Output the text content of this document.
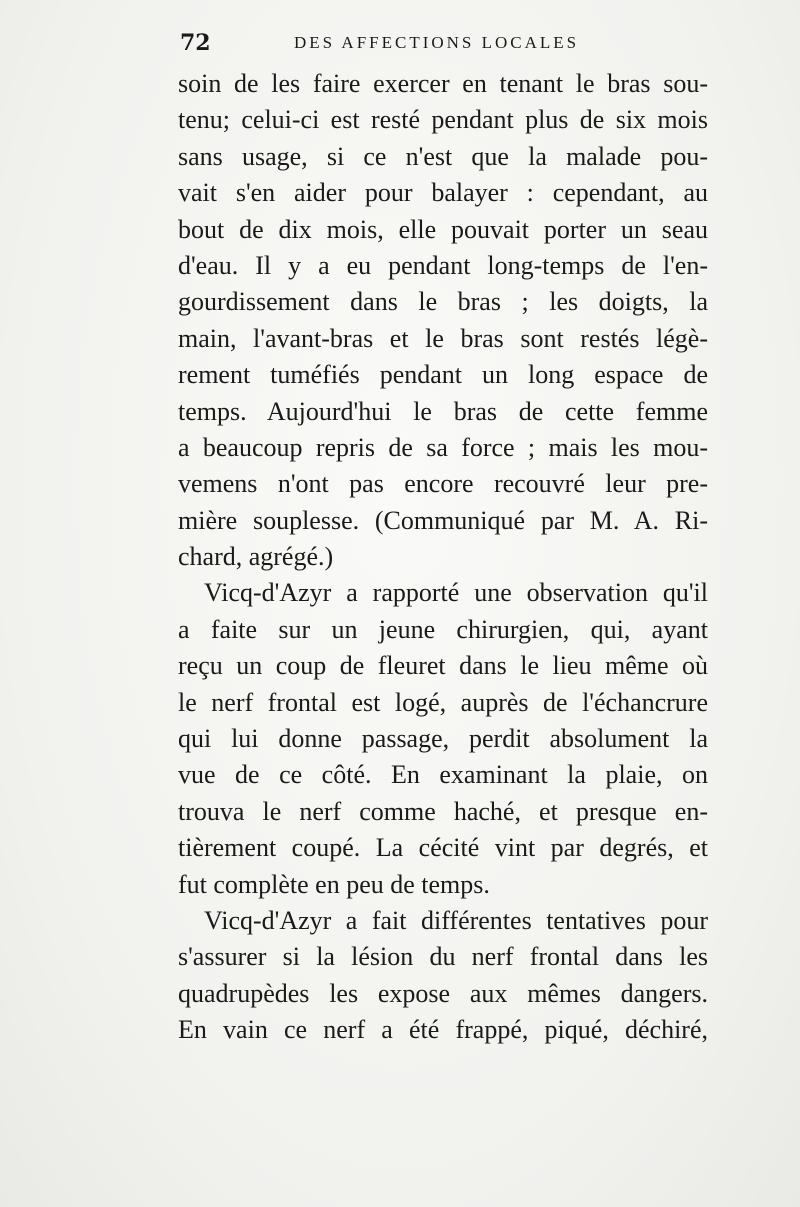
72	DES AFFECTIONS LOCALES
soin de les faire exercer en tenant le bras sou-
tenu; celui-ci est resté pendant plus de six mois
sans usage, si ce n'est que la malade pou-
vait s'en aider pour balayer : cependant, au
bout de dix mois, elle pouvait porter un seau
d'eau. Il y a eu pendant long-temps de l'en-
gourdissement dans le bras ; les doigts, la
main, l'avant-bras et le bras sont restés légè-
rement tuméfiés pendant un long espace de
temps. Aujourd'hui le bras de cette femme
a beaucoup repris de sa force ; mais les mou-
vemens n'ont pas encore recouvré leur pre-
mière souplesse. (Communiqué par M. A. Ri-
chard, agrégé.)
Vicq-d'Azyr a rapporté une observation qu'il
a faite sur un jeune chirurgien, qui, ayant
reçu un coup de fleuret dans le lieu même où
le nerf frontal est logé, auprès de l'échancrure
qui lui donne passage, perdit absolument la
vue de ce côté. En examinant la plaie, on
trouva le nerf comme haché, et presque en-
tièrement coupé. La cécité vint par degrés, et
fut complète en peu de temps.
Vicq-d'Azyr a fait différentes tentatives pour
s'assurer si la lésion du nerf frontal dans les
quadrupèdes les expose aux mêmes dangers.
En vain ce nerf a été frappé, piqué, déchiré,
